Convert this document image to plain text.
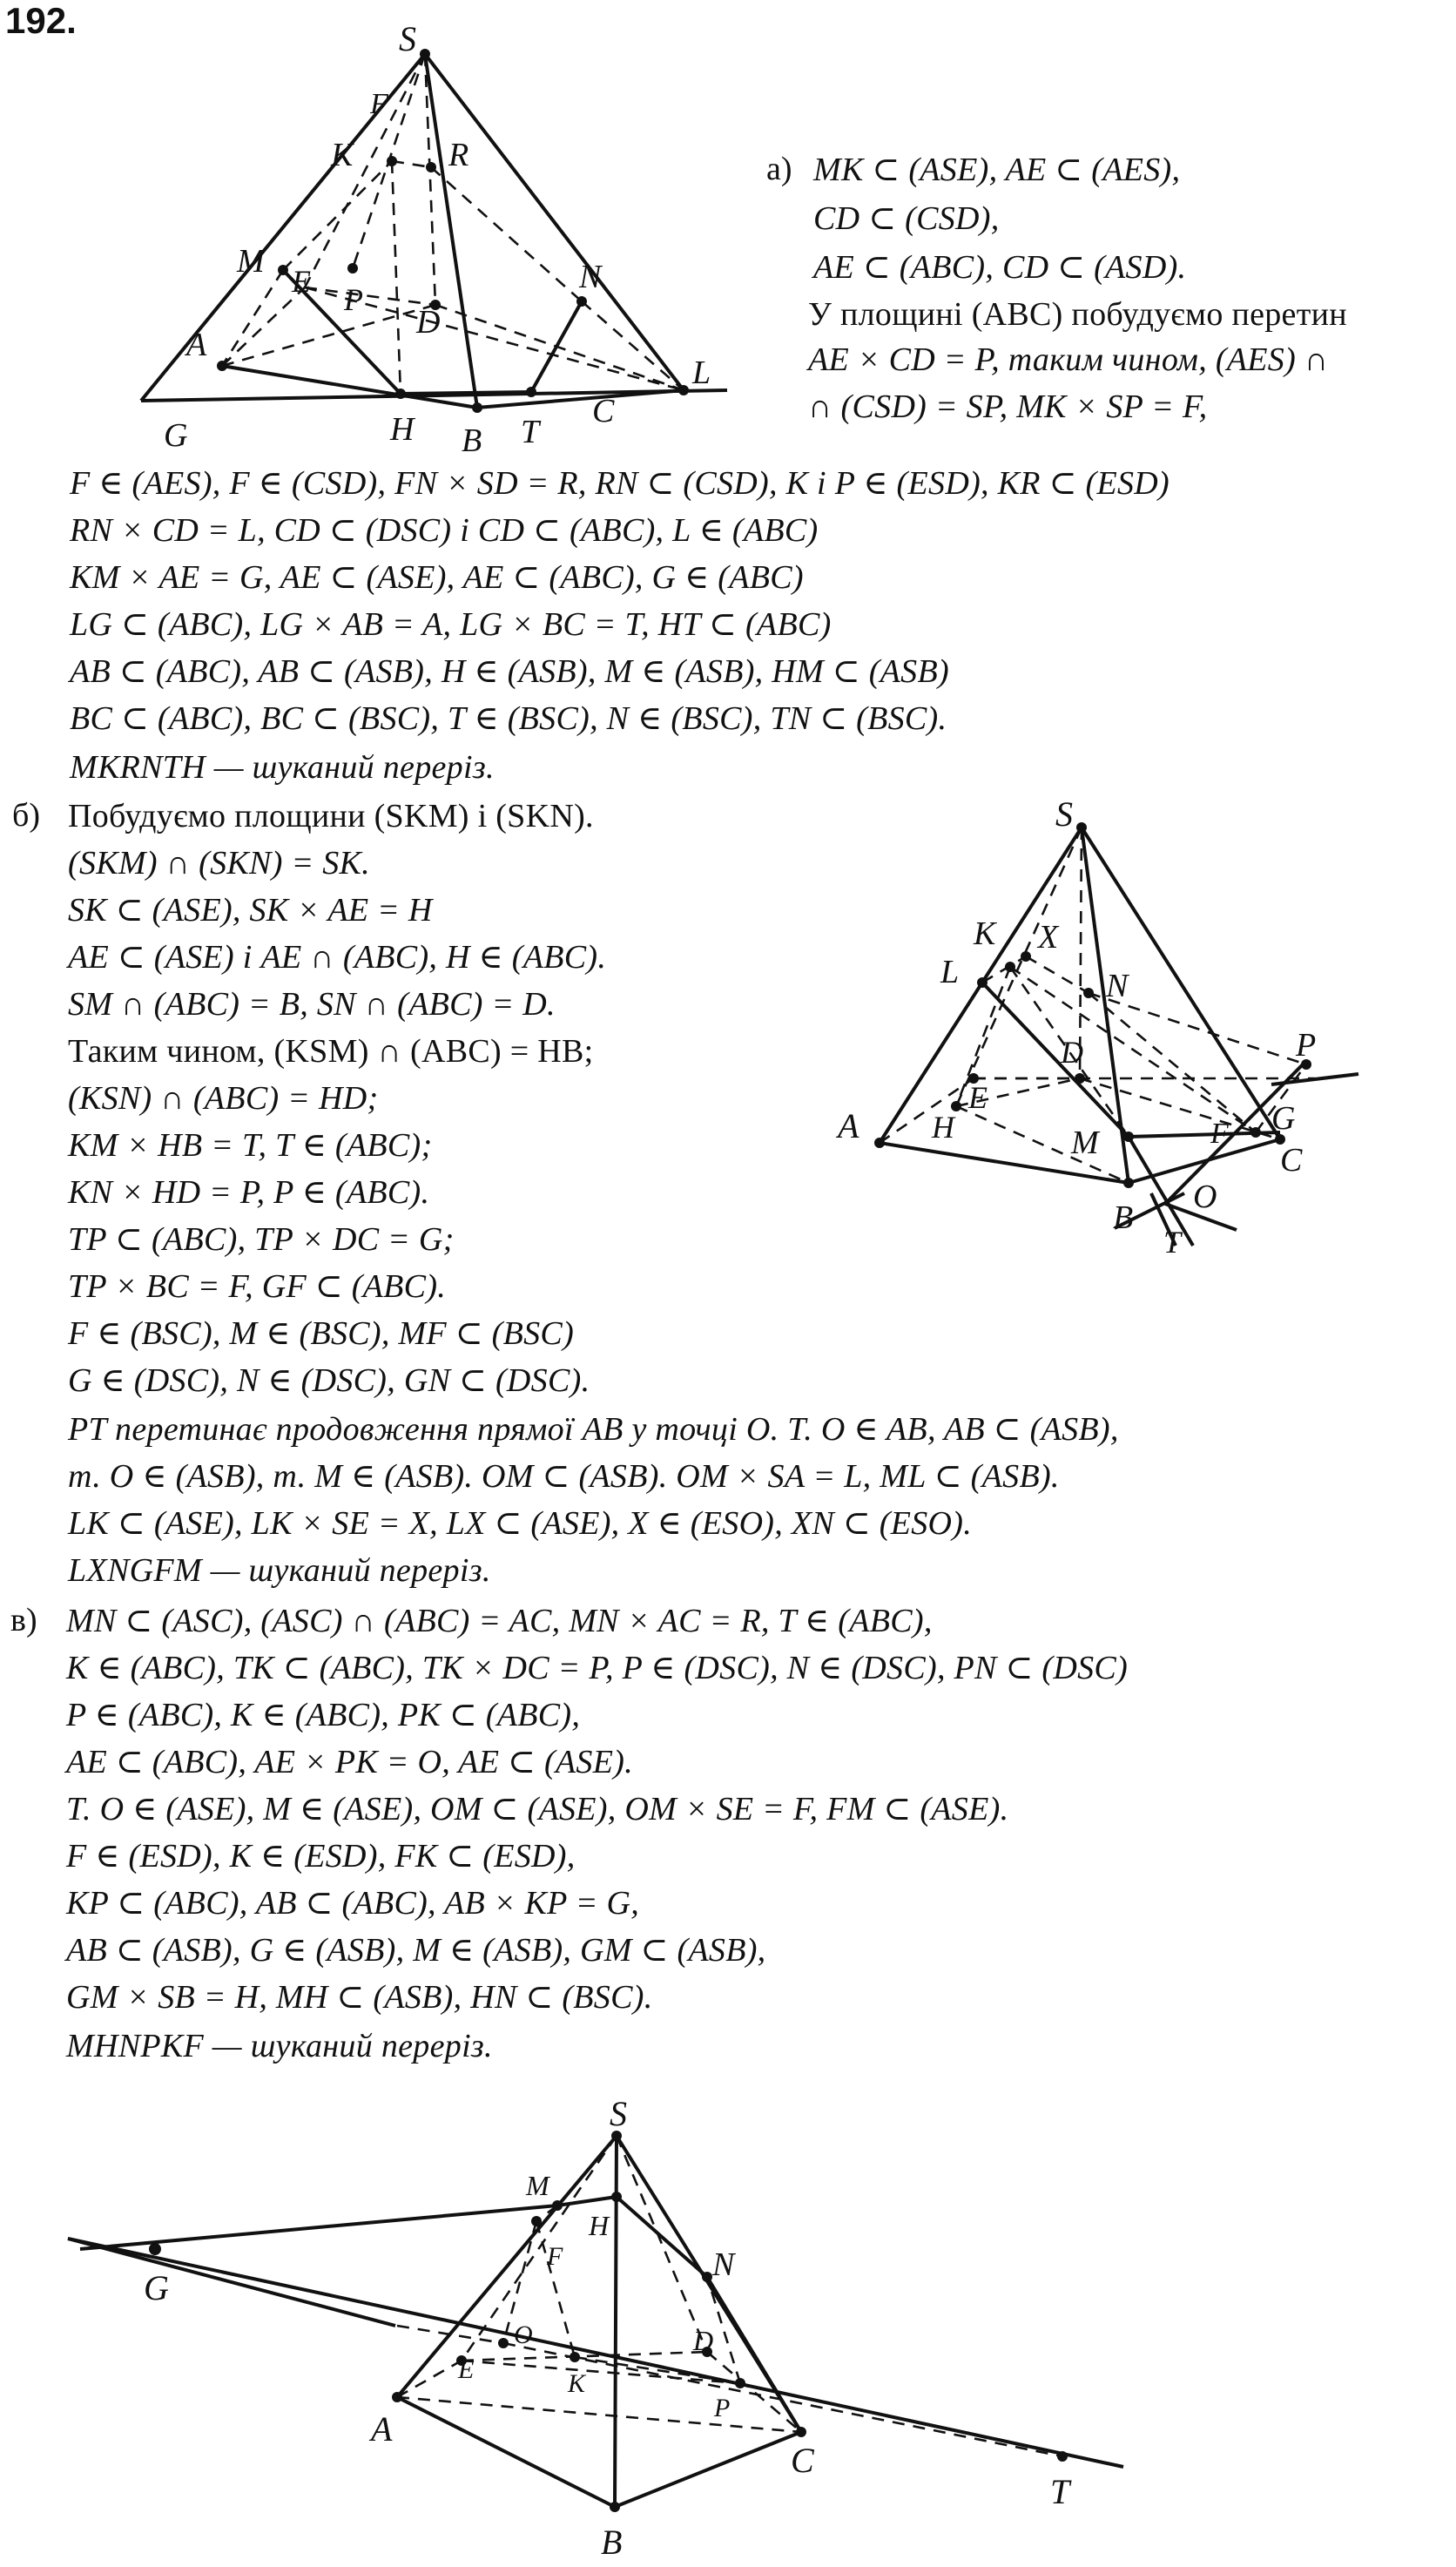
192.	S
F
K	R
M
E
P
D
N
A
C
L
G	H B T
а) MK ⊂ (ASE), AE ⊂ (AES),
CD ⊂ (CSD),
AE ⊂ (ABC), CD ⊂ (ASD).
У площині (ABC) побудуємо перетин
AE × CD = P, таким чином, (AES) ∩
∩ (CSD) = SP, MK × SP = F,
F ∈ (AES), F ∈ (CSD), FN × SD = R, RN ⊂ (CSD), K і P ∈ (ESD), KR ⊂ (ESD)
RN × CD = L, CD ⊂ (DSC) і CD ⊂ (ABC), L ∈ (ABC)
KM × AE = G, AE ⊂ (ASE), AE ⊂ (ABC), G ∈ (ABC)
LG ⊂ (ABC), LG × AB = A, LG × BC = T, HT ⊂ (ABC)
AB ⊂ (ABC), AB ⊂ (ASB), H ∈ (ASB), M ∈ (ASB), HM ⊂ (ASB)
BC ⊂ (ABC), BC ⊂ (BSC), T ∈ (BSC), N ∈ (BSC), TN ⊂ (BSC).
MKRNTH — шуканий переріз.
б) Побудуємо площини (SKM) і (SKN).
(SKM) ∩ (SKN) = SK.
SK ⊂ (ASE), SK × AE = H
AE ⊂ (ASE) і AE ∩ (ABC), H ∈ (ABC).
SM ∩ (ABC) = B, SN ∩ (ABC) = D.
Таким чином, (KSM) ∩ (ABC) = HB;
(KSN) ∩ (ABC) = HD;
KM × HB = T, T ∈ (ABC);
KN × HD = P, P ∈ (ABC).
TP ⊂ (ABC), TP × DC = G;
TP × BC = F, GF ⊂ (ABC).
F ∈ (BSC), M ∈ (BSC), MF ⊂ (BSC)
G ∈ (DSC), N ∈ (DSC), GN ⊂ (DSC).
PT перетинає продовження прямої AB у точці O. Т. O ∈ AB, AB ⊂ (ASB),
т. O ∈ (ASB), т. M ∈ (ASB). OM ⊂ (ASB). OM × SA = L, ML ⊂ (ASB).
LK ⊂ (ASE), LK × SE = X, LX ⊂ (ASE), X ∈ (ESO), XN ⊂ (ESO).
LXNGFM — шуканий переріз.
S
K X
L	N
D	P
E
A H	M	F G
C
B
O
T
в) MN ⊂ (ASC), (ASC) ∩ (ABC) = AC, MN × AC = R, T ∈ (ABC),
K ∈ (ABC), TK ⊂ (ABC), TK × DC = P, P ∈ (DSC), N ∈ (DSC), PN ⊂ (DSC)
P ∈ (ABC), K ∈ (ABC), PK ⊂ (ABC),
AE ⊂ (ABC), AE × PK = O, AE ⊂ (ASE).
Т. O ∈ (ASE), M ∈ (ASE), OM ⊂ (ASE), OM × SE = F, FM ⊂ (ASE).
F ∈ (ESD), K ∈ (ESD), FK ⊂ (ESD),
KP ⊂ (ABC), AB ⊂ (ABC), AB × KP = G,
AB ⊂ (ASB), G ∈ (ASB), M ∈ (ASB), GM ⊂ (ASB),
GM × SB = H, MH ⊂ (ASB), HN ⊂ (BSC).
MHNPKF — шуканий переріз.
S
M
H
N
F
G
O	D
E	K
P
A
C
T
B
